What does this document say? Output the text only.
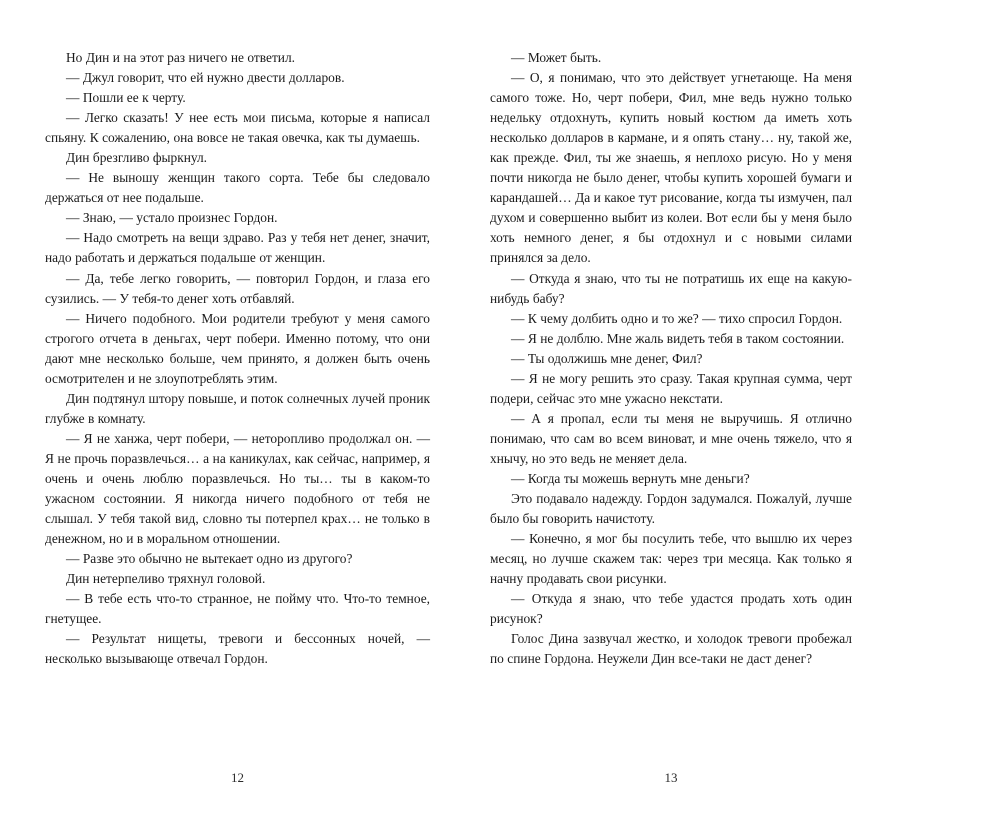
Но Дин и на этот раз ничего не ответил.

— Джул говорит, что ей нужно двести долларов.

— Пошли ее к черту.

— Легко сказать! У нее есть мои письма, которые я написал спьяну. К сожалению, она вовсе не такая овечка, как ты думаешь.

Дин брезгливо фыркнул.

— Не выношу женщин такого сорта. Тебе бы следовало держаться от нее подальше.

— Знаю, — устало произнес Гордон.

— Надо смотреть на вещи здраво. Раз у тебя нет денег, значит, надо работать и держаться подальше от женщин.

— Да, тебе легко говорить, — повторил Гордон, и глаза его сузились. — У тебя-то денег хоть отбавляй.

— Ничего подобного. Мои родители требуют у меня самого строгого отчета в деньгах, черт побери. Именно потому, что они дают мне несколько больше, чем принято, я должен быть очень осмотрителен и не злоупотреблять этим.

Дин подтянул штору повыше, и поток солнечных лучей проник глубже в комнату.

— Я не ханжа, черт побери, — неторопливо продолжал он. — Я не прочь поразвлечься… а на каникулах, как сейчас, например, я очень и очень люблю поразвлечься. Но ты… ты в каком-то ужасном состоянии. Я никогда ничего подобного от тебя не слышал. У тебя такой вид, словно ты потерпел крах… не только в денежном, но и в моральном отношении.

— Разве это обычно не вытекает одно из другого?

Дин нетерпеливо тряхнул головой.

— В тебе есть что-то странное, не пойму что. Что-то темное, гнетущее.

— Результат нищеты, тревоги и бессонных ночей, — несколько вызывающе отвечал Гордон.

12

— Может быть.

— О, я понимаю, что это действует угнетающе. На меня самого тоже. Но, черт побери, Фил, мне ведь нужно только недельку отдохнуть, купить новый костюм да иметь хоть несколько долларов в кармане, и я опять стану… ну, такой же, как прежде. Фил, ты же знаешь, я неплохо рисую. Но у меня почти никогда не было денег, чтобы купить хорошей бумаги и карандашей… Да и какое тут рисование, когда ты измучен, пал духом и совершенно выбит из колеи. Вот если бы у меня было хоть немного денег, я бы отдохнул и с новыми силами принялся за дело.

— Откуда я знаю, что ты не потратишь их еще на какую-нибудь бабу?

— К чему долбить одно и то же? — тихо спросил Гордон.

— Я не долблю. Мне жаль видеть тебя в таком состоянии.

— Ты одолжишь мне денег, Фил?

— Я не могу решить это сразу. Такая крупная сумма, черт подери, сейчас это мне ужасно некстати.

— А я пропал, если ты меня не выручишь. Я отлично понимаю, что сам во всем виноват, и мне очень тяжело, что я хнычу, но это ведь не меняет дела.

— Когда ты можешь вернуть мне деньги?

Это подавало надежду. Гордон задумался. Пожалуй, лучше было бы говорить начистоту.

— Конечно, я мог бы посулить тебе, что вышлю их через месяц, но лучше скажем так: через три месяца. Как только я начну продавать свои рисунки.

— Откуда я знаю, что тебе удастся продать хоть один рисунок?

Голос Дина зазвучал жестко, и холодок тревоги пробежал по спине Гордона. Неужели Дин все-таки не даст денег?

13
